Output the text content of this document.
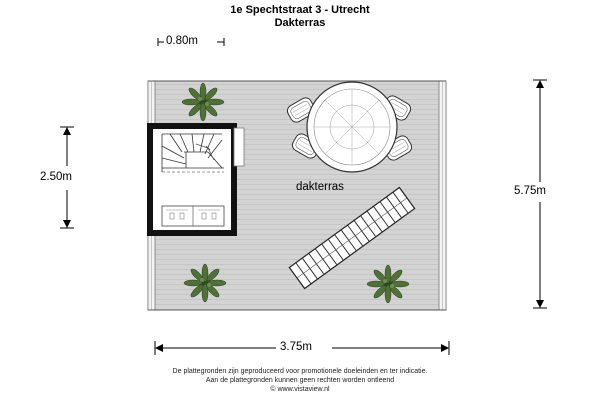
1e Spechtstraat 3 - Utrecht
Dakterras
dakterras
0.80m
2.50m
5.75m
3.75m
De plattegronden zijn geproduceerd voor promotionele doeleinden en ter indicatie.
Aan de plattegronden kunnen geen rechten worden ontleend
© www.vistaview.nl
